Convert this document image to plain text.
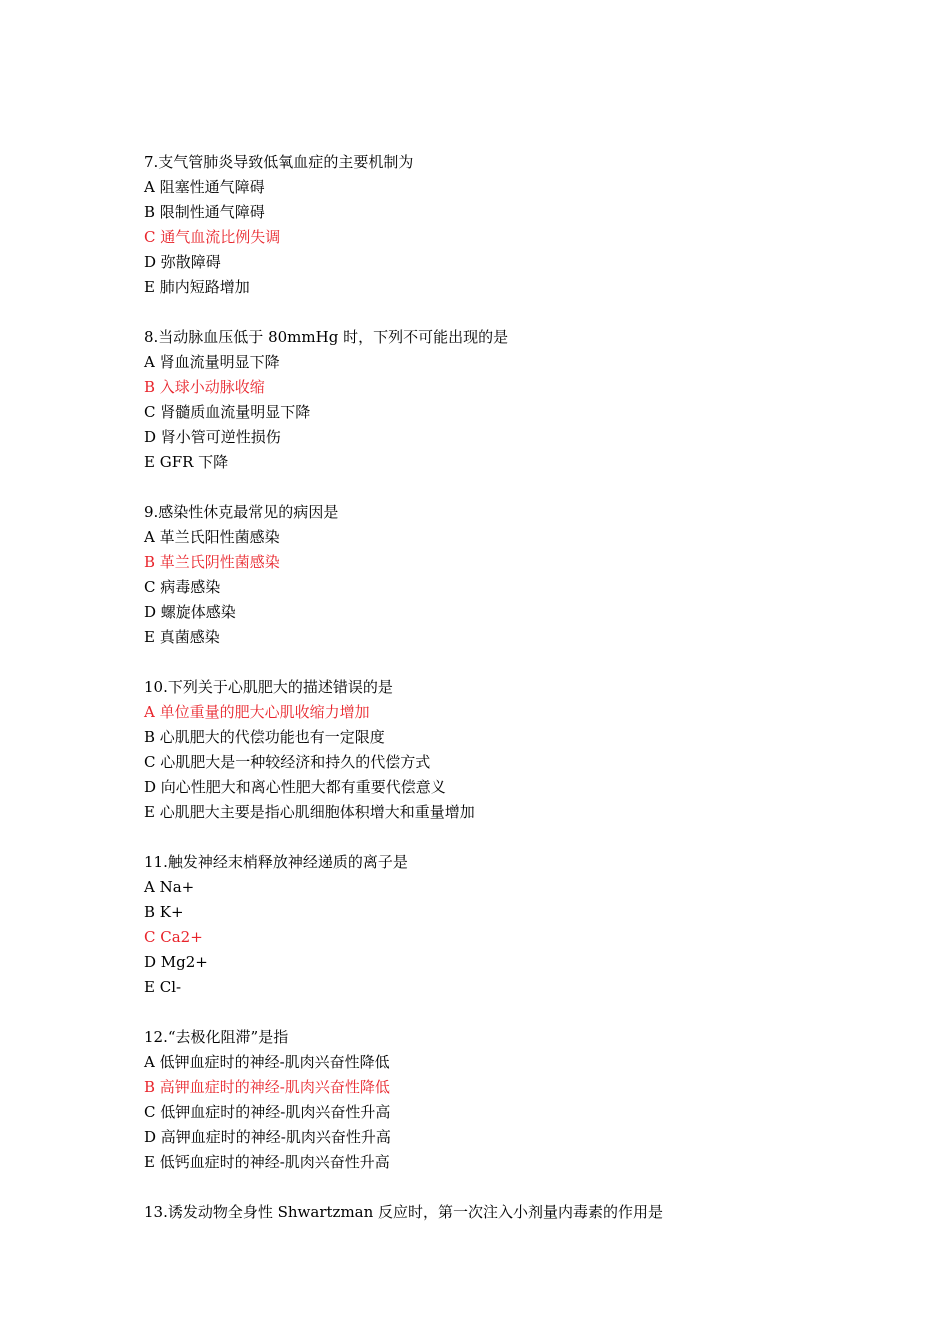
7.支气管肺炎导致低氧血症的主要机制为
A 阻塞性通气障碍
B 限制性通气障碍
C 通气血流比例失调
D 弥散障碍
E 肺内短路增加
8.当动脉血压低于 80mmHg 时，下列不可能出现的是
A 肾血流量明显下降
B 入球小动脉收缩
C 肾髓质血流量明显下降
D 肾小管可逆性损伤
E GFR 下降
9.感染性休克最常见的病因是
A 革兰氏阳性菌感染
B 革兰氏阴性菌感染
C 病毒感染
D 螺旋体感染
E 真菌感染
10.下列关于心肌肥大的描述错误的是
A 单位重量的肥大心肌收缩力增加
B 心肌肥大的代偿功能也有一定限度
C 心肌肥大是一种较经济和持久的代偿方式
D 向心性肥大和离心性肥大都有重要代偿意义
E 心肌肥大主要是指心肌细胞体积增大和重量增加
11.触发神经末梢释放神经递质的离子是
A Na+
B K+
C Ca2+
D Mg2+
E Cl-
12.“去极化阻滞”是指
A 低钾血症时的神经-肌肉兴奋性降低
B 高钾血症时的神经-肌肉兴奋性降低
C 低钾血症时的神经-肌肉兴奋性升高
D 高钾血症时的神经-肌肉兴奋性升高
E 低钙血症时的神经-肌肉兴奋性升高
13.诱发动物全身性 Shwartzman 反应时，第一次注入小剂量内毒素的作用是
